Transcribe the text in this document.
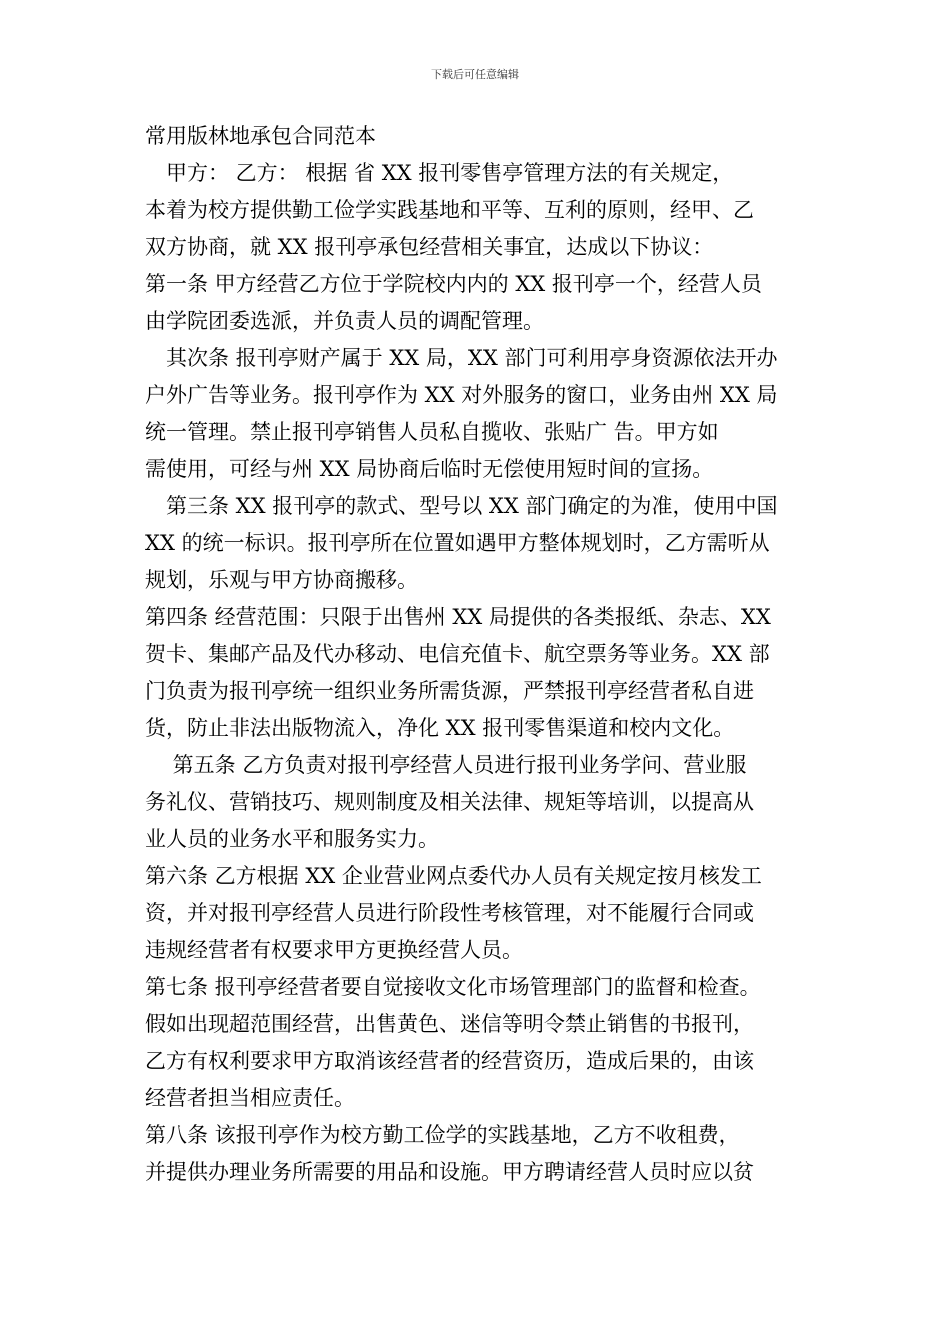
下载后可任意编辑
常用版林地承包合同范本
　甲方： 乙方： 根据 省 XX 报刊零售亭管理方法的有关规定，
本着为校方提供勤工俭学实践基地和平等、互利的原则，经甲、乙
双方协商，就 XX 报刊亭承包经营相关事宜，达成以下协议：
第一条 甲方经营乙方位于学院校内内的 XX 报刊亭一个，经营人员
由学院团委选派，并负责人员的调配管理。
　其次条 报刊亭财产属于 XX 局，XX 部门可利用亭身资源依法开办
户外广告等业务。报刊亭作为 XX 对外服务的窗口，业务由州 XX 局
统一管理。禁止报刊亭销售人员私自揽收、张贴广 告。甲方如
需使用，可经与州 XX 局协商后临时无偿使用短时间的宣扬。
　第三条 XX 报刊亭的款式、型号以 XX 部门确定的为准，使用中国
XX 的统一标识。报刊亭所在位置如遇甲方整体规划时，乙方需听从
规划，乐观与甲方协商搬移。
第四条 经营范围：只限于出售州 XX 局提供的各类报纸、杂志、XX
贺卡、集邮产品及代办移动、电信充值卡、航空票务等业务。XX 部
门负责为报刊亭统一组织业务所需货源，严禁报刊亭经营者私自进
货，防止非法出版物流入，净化 XX 报刊零售渠道和校内文化。
　 第五条 乙方负责对报刊亭经营人员进行报刊业务学问、营业服
务礼仪、营销技巧、规则制度及相关法律、规矩等培训，以提高从
业人员的业务水平和服务实力。
第六条 乙方根据 XX 企业营业网点委代办人员有关规定按月核发工
资，并对报刊亭经营人员进行阶段性考核管理，对不能履行合同或
违规经营者有权要求甲方更换经营人员。
第七条 报刊亭经营者要自觉接收文化市场管理部门的监督和检查。
假如出现超范围经营，出售黄色、迷信等明令禁止销售的书报刊，
乙方有权利要求甲方取消该经营者的经营资历，造成后果的，由该
经营者担当相应责任。
第八条 该报刊亭作为校方勤工俭学的实践基地，乙方不收租费，
并提供办理业务所需要的用品和设施。甲方聘请经营人员时应以贫
